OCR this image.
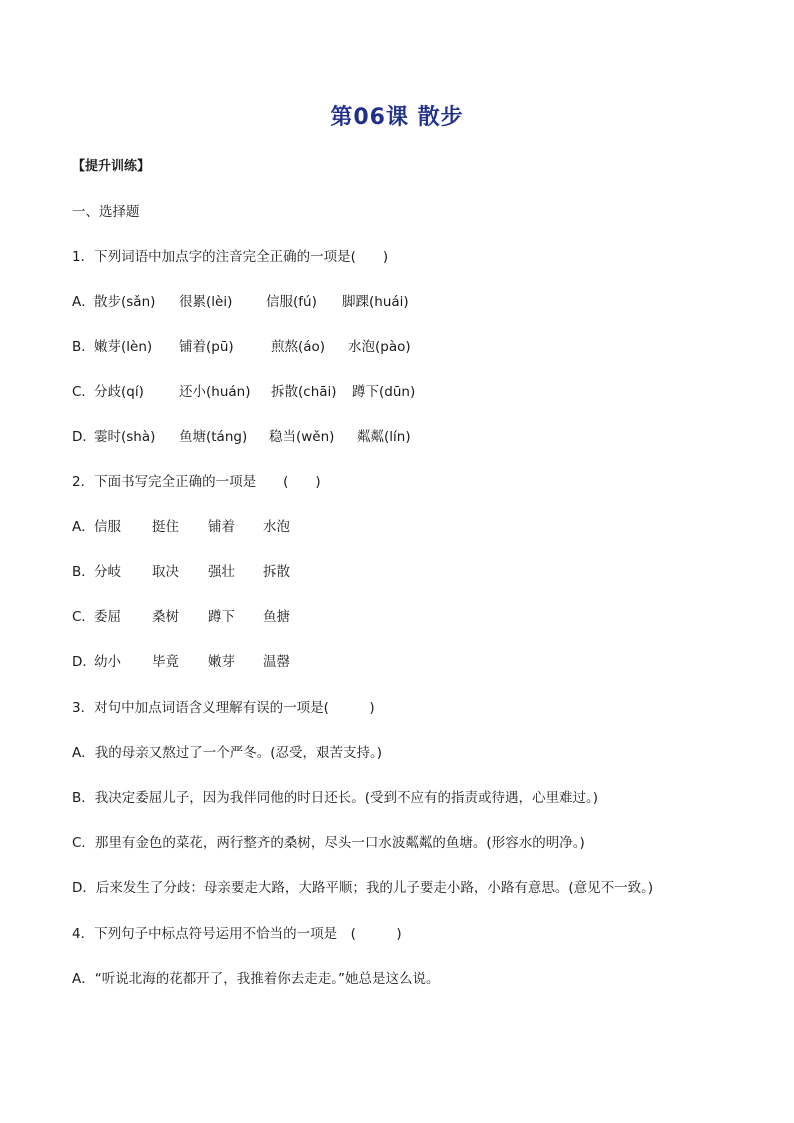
第06课 散步
【提升训练】
一、选择题
1．下列词语中加点字的注音完全正确的一项是(　　)

A．

散步(sǎn)

很累(lèi)

信服(fú)

脚踝(huái)

B．

嫩芽(lèn)

铺着(pū)

	煎熬(áo)

水泡(pào)

C．

分歧(qí)

	还小(huán)

拆散(chāi)

蹲下(dūn)

D．

霎时(shà)

鱼塘(táng)

稳当(wěn)

粼粼(lín)

2．下面书写完全正确的一项是　　(　　)

A．

信服

挺住

铺着

水泡

B．

分岐

取决

强壮

拆散

C．

委屈

桑树

蹲下

鱼搪

D．

幼小

毕竟

嫩芽

温罄

3．对句中加点词语含义理解有误的一项是(　　　)
A．我的母亲又熬过了一个严冬。(忍受，艰苦支持。)
B．我决定委屈儿子，因为我伴同他的时日还长。(受到不应有的指责或待遇，心里难过。)
C．那里有金色的菜花，两行整齐的桑树，尽头一口水波粼粼的鱼塘。(形容水的明净。)
D．后来发生了分歧：母亲要走大路，大路平顺；我的儿子要走小路，小路有意思。(意见不一致。)
4．下列句子中标点符号运用不恰当的一项是　(　　　)
A．“听说北海的花都开了，我推着你去走走。”她总是这么说。
